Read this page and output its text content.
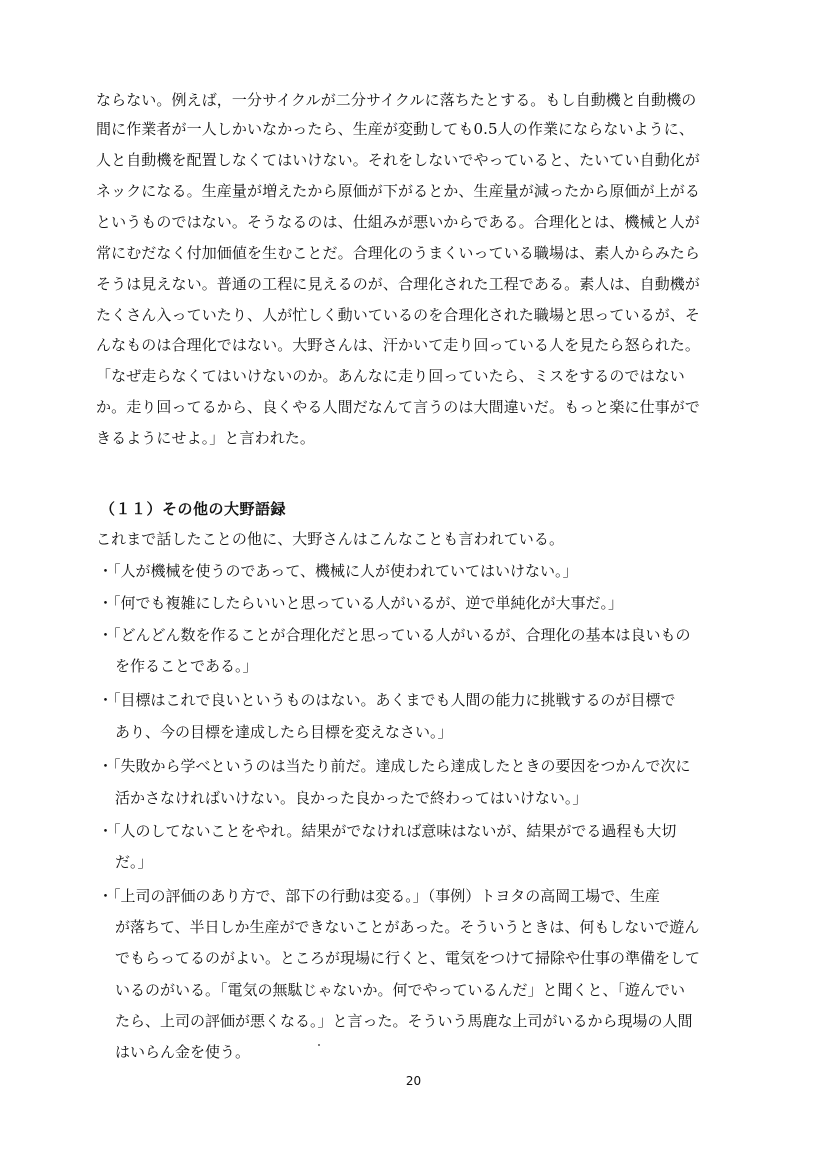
ならない。例えば，一分サイクルが二分サイクルに落ちたとする。もし自動機と自動機の
間に作業者が一人しかいなかったら、生産が変動しても0.5人の作業にならないように、
人と自動機を配置しなくてはいけない。それをしないでやっていると、たいてい自動化が
ネックになる。生産量が増えたから原価が下がるとか、生産量が減ったから原価が上がる
というものではない。そうなるのは、仕組みが悪いからである。合理化とは、機械と人が
常にむだなく付加価値を生むことだ。合理化のうまくいっている職場は、素人からみたら
そうは見えない。普通の工程に見えるのが、合理化された工程である。素人は、自動機が
たくさん入っていたり、人が忙しく動いているのを合理化された職場と思っているが、そ
んなものは合理化ではない。大野さんは、汗かいて走り回っている人を見たら怒られた。
「なぜ走らなくてはいけないのか。あんなに走り回っていたら、ミスをするのではない
か。走り回ってるから、良くやる人間だなんて言うのは大間違いだ。もっと楽に仕事がで
きるようにせよ。」と言われた。
（１１）その他の大野語録
これまで話したことの他に、大野さんはこんなことも言われている。
・「人が機械を使うのであって、機械に人が使われていてはいけない。」
・「何でも複雑にしたらいいと思っている人がいるが、逆で単純化が大事だ。」
・「どんどん数を作ることが合理化だと思っている人がいるが、合理化の基本は良いもの
を作ることである。」
・「目標はこれで良いというものはない。あくまでも人間の能力に挑戦するのが目標で
あり、今の目標を達成したら目標を変えなさい。」
・「失敗から学べというのは当たり前だ。達成したら達成したときの要因をつかんで次に
活かさなければいけない。良かった良かったで終わってはいけない。」
・「人のしてないことをやれ。結果がでなければ意味はないが、結果がでる過程も大切
だ。」
・「上司の評価のあり方で、部下の行動は変る。」（事例）トヨタの高岡工場で、生産
が落ちて、半日しか生産ができないことがあった。そういうときは、何もしないで遊ん
でもらってるのがよい。ところが現場に行くと、電気をつけて掃除や仕事の準備をして
いるのがいる。「電気の無駄じゃないか。何でやっているんだ」と聞くと、「遊んでい
たら、上司の評価が悪くなる。」と言った。そういう馬鹿な上司がいるから現場の人間
はいらん金を使う。
20
